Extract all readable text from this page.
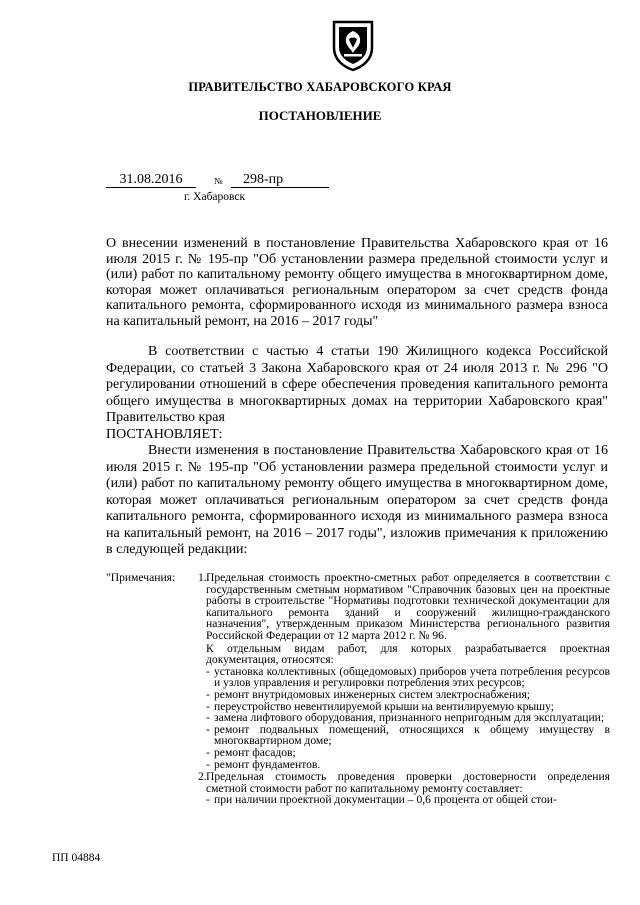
ПРАВИТЕЛЬСТВО ХАБАРОВСКОГО КРАЯ
ПОСТАНОВЛЕНИЕ
31.08.2016	№	298-пр
г. Хабаровск
О внесении изменений в постановление Правительства Хабаровского края от 16 июля 2015 г. № 195-пр "Об установлении размера предельной стоимости услуг и (или) работ по капитальному ремонту общего имущества в многоквартирном доме, которая может оплачиваться региональным оператором за счет средств фонда капитального ремонта, сформированного исходя из минимального размера взноса на капитальный ремонт, на 2016 – 2017 годы"
В соответствии с частью 4 статьи 190 Жилищного кодекса Российской Федерации, со статьей 3 Закона Хабаровского края от 24 июля 2013 г. № 296 "О регулировании отношений в сфере обеспечения проведения капитального ремонта общего имущества в многоквартирных домах на территории Хабаровского края" Правительство края
ПОСТАНОВЛЯЕТ:
Внести изменения в постановление Правительства Хабаровского края от 16 июля 2015 г. № 195-пр "Об установлении размера предельной стоимости услуг и (или) работ по капитальному ремонту общего имущества в многоквартирном доме, которая может оплачиваться региональным оператором за счет средств фонда капитального ремонта, сформированного исходя из минимального размера взноса на капитальный ремонт, на 2016 – 2017 годы", изложив примечания к приложению в следующей редакции:
"Примечания:	1. Предельная стоимость проектно-сметных работ определяется в соответствии с государственным сметным нормативом "Справочник базовых цен на проектные работы в строительстве "Нормативы подготовки технической документации для капитального ремонта зданий и сооружений жилищно-гражданского назначения", утвержденным приказом Министерства регионального развития Российской Федерации от 12 марта 2012 г. № 96.
К отдельным видам работ, для которых разрабатывается проектная документация, относятся:
- установка коллективных (общедомовых) приборов учета потребления ресурсов и узлов управления и регулировки потребления этих ресурсов;
- ремонт внутридомовых инженерных систем электроснабжения;
- переустройство невентилируемой крыши на вентилируемую крышу;
- замена лифтового оборудования, признанного непригодным для эксплуатации;
- ремонт подвальных помещений, относящихся к общему имуществу в многоквартирном доме;
- ремонт фасадов;
- ремонт фундаментов.
2. Предельная стоимость проведения проверки достоверности определения сметной стоимости работ по капитальному ремонту составляет:
- при наличии проектной документации – 0,6 процента от общей стои-
ПП 04884
